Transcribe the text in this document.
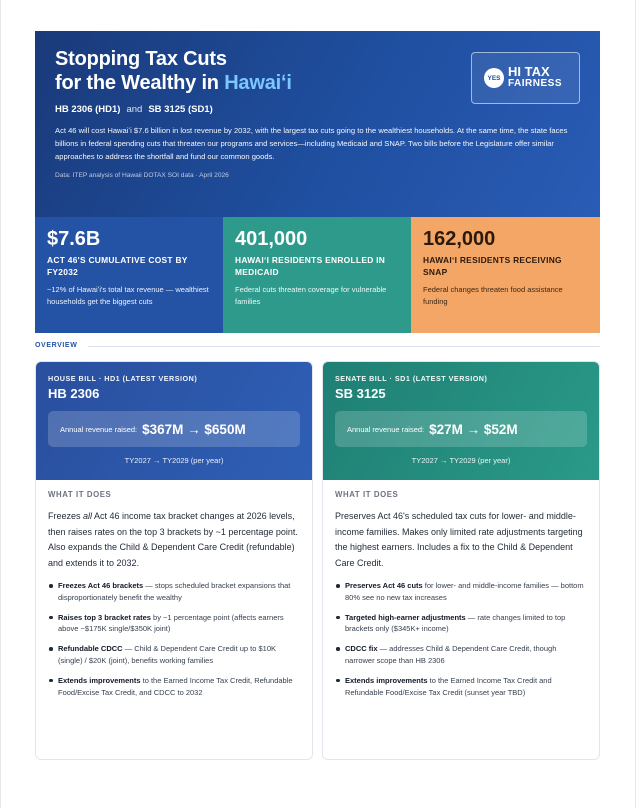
Stopping Tax Cuts
for the Wealthy in Hawaiʻi
HB 2306 (HD1) and SB 3125 (SD1)

Act 46 will cost Hawaiʻi $7.6 billion in lost revenue by 2032, with the largest tax cuts going to the wealthiest households. At the same time, the state faces billions in federal spending cuts that threaten our programs and services—including Medicaid and SNAP. Two bills before the Legislature offer similar approaches to address the shortfall and fund our common goods.

Data: ITEP analysis of Hawaii DOTAX SOI data · April 2026

YES HI TAX
FAIRNESS
$7.6B
ACT 46'S CUMULATIVE COST BY FY2032
~12% of Hawaiʻi's total tax revenue — wealthiest households get the biggest cuts
401,000
HAWAIʻI RESIDENTS ENROLLED IN MEDICAID
Federal cuts threaten coverage for vulnerable families
162,000
HAWAIʻI RESIDENTS RECEIVING SNAP
Federal changes threaten food assistance funding
OVERVIEW
HOUSE BILL · HD1 (LATEST VERSION)
HB 2306
Annual revenue raised: $367M → $650M
TY2027 → TY2029 (per year)
WHAT IT DOES

Freezes all Act 46 income tax bracket changes at 2026 levels, then raises rates on the top 3 brackets by ~1 percentage point. Also expands the Child & Dependent Care Credit (refundable) and extends it to 2032.

Freezes Act 46 brackets — stops scheduled bracket expansions that disproportionately benefit the wealthy
Raises top 3 bracket rates by ~1 percentage point (affects earners above ~$175K single/$350K joint)
Refundable CDCC — Child & Dependent Care Credit up to $10K (single) / $20K (joint), benefits working families
Extends improvements to the Earned Income Tax Credit, Refundable Food/Excise Tax Credit, and CDCC to 2032
SENATE BILL · SD1 (LATEST VERSION)
SB 3125
Annual revenue raised: $27M → $52M
TY2027 → TY2029 (per year)
WHAT IT DOES

Preserves Act 46's scheduled tax cuts for lower- and middle-income families. Makes only limited rate adjustments targeting the highest earners. Includes a fix to the Child & Dependent Care Credit.

Preserves Act 46 cuts for lower- and middle-income families — bottom 80% see no new tax increases
Targeted high-earner adjustments — rate changes limited to top brackets only ($345K+ income)
CDCC fix — addresses Child & Dependent Care Credit, though narrower scope than HB 2306
Extends improvements to the Earned Income Tax Credit and Refundable Food/Excise Tax Credit (sunset year TBD)
